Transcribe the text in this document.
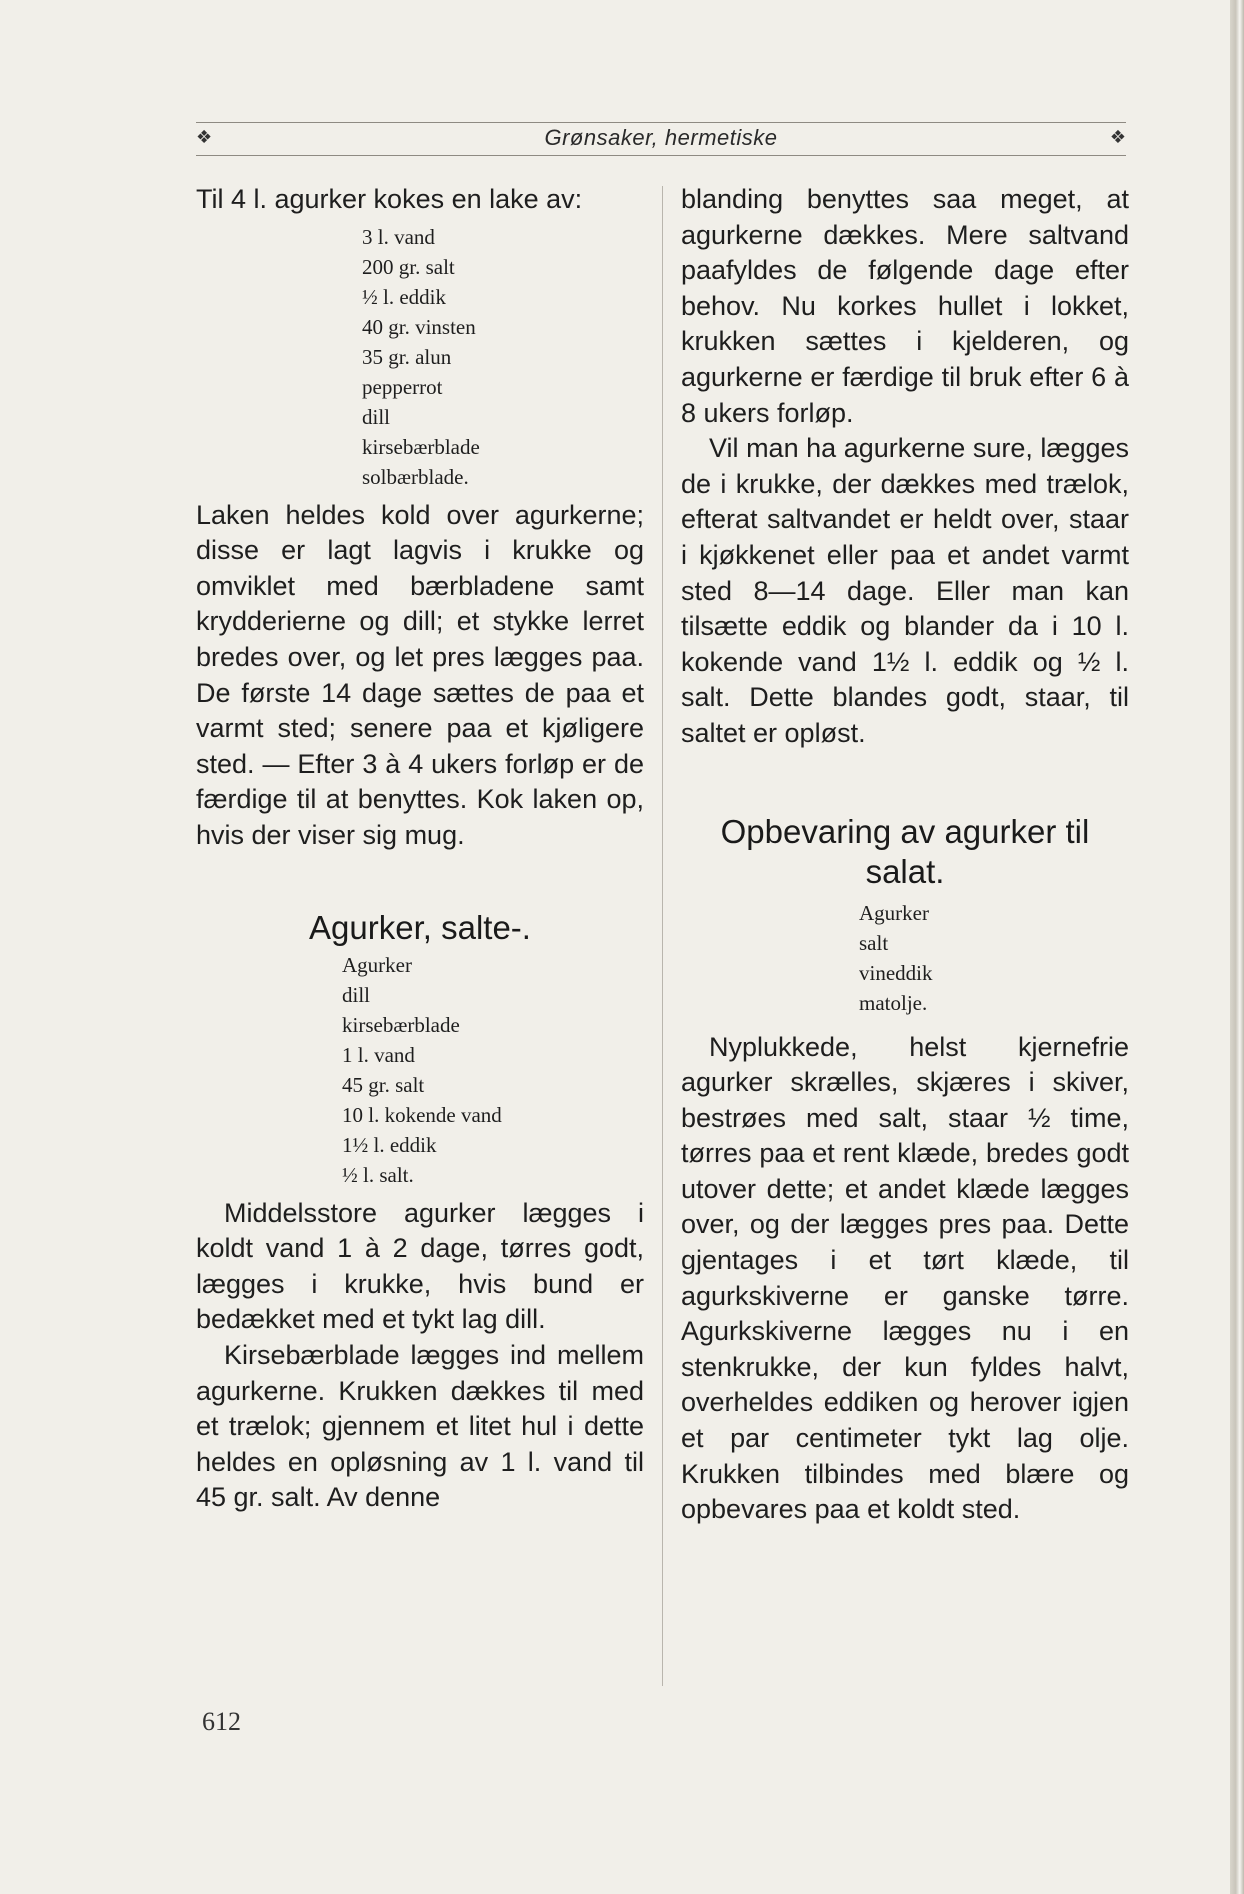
❖	Grønsaker, hermetiske	❖

Til 4 l. agurker kokes en lake av:

3 l. vand
200 gr. salt
½ l. eddik
40 gr. vinsten
35 gr. alun
pepperrot
dill
kirsebærblade
solbærblade.

Laken heldes kold over agurkerne; disse er lagt lagvis i krukke og omviklet med bærbladene samt krydderierne og dill; et stykke lerret bredes over, og let pres lægges paa. De første 14 dage sættes de paa et varmt sted; senere paa et kjøligere sted. — Efter 3 à 4 ukers forløp er de færdige til at benyttes. Kok laken op, hvis der viser sig mug.

Agurker, salte-.
Agurker
dill
kirsebærblade
1 l. vand
45 gr. salt
10 l. kokende vand
1½ l. eddik
½ l. salt.

Middelsstore agurker lægges i koldt vand 1 à 2 dage, tørres godt, lægges i krukke, hvis bund er bedækket med et tykt lag dill.

Kirsebærblade lægges ind mellem agurkerne. Krukken dækkes til med et trælok; gjennem et litet hul i dette heldes en opløsning av 1 l. vand til 45 gr. salt. Av denne

blanding benyttes saa meget, at agurkerne dækkes. Mere saltvand paafyldes de følgende dage efter behov. Nu korkes hullet i lokket, krukken sættes i kjelderen, og agurkerne er færdige til bruk efter 6 à 8 ukers forløp.

Vil man ha agurkerne sure, lægges de i krukke, der dækkes med trælok, efterat saltvandet er heldt over, staar i kjøkkenet eller paa et andet varmt sted 8—14 dage. Eller man kan tilsætte eddik og blander da i 10 l. kokende vand 1½ l. eddik og ½ l. salt. Dette blandes godt, staar, til saltet er opløst.

Opbevaring av agurker til salat.
Agurker
salt
vineddik
matolje.

Nyplukkede, helst kjernefrie agurker skrælles, skjæres i skiver, bestrøes med salt, staar ½ time, tørres paa et rent klæde, bredes godt utover dette; et andet klæde lægges over, og der lægges pres paa. Dette gjentages i et tørt klæde, til agurkskiverne er ganske tørre. Agurkskiverne lægges nu i en stenkrukke, der kun fyldes halvt, overheldes eddiken og herover igjen et par centimeter tykt lag olje. Krukken tilbindes med blære og opbevares paa et koldt sted.

612
